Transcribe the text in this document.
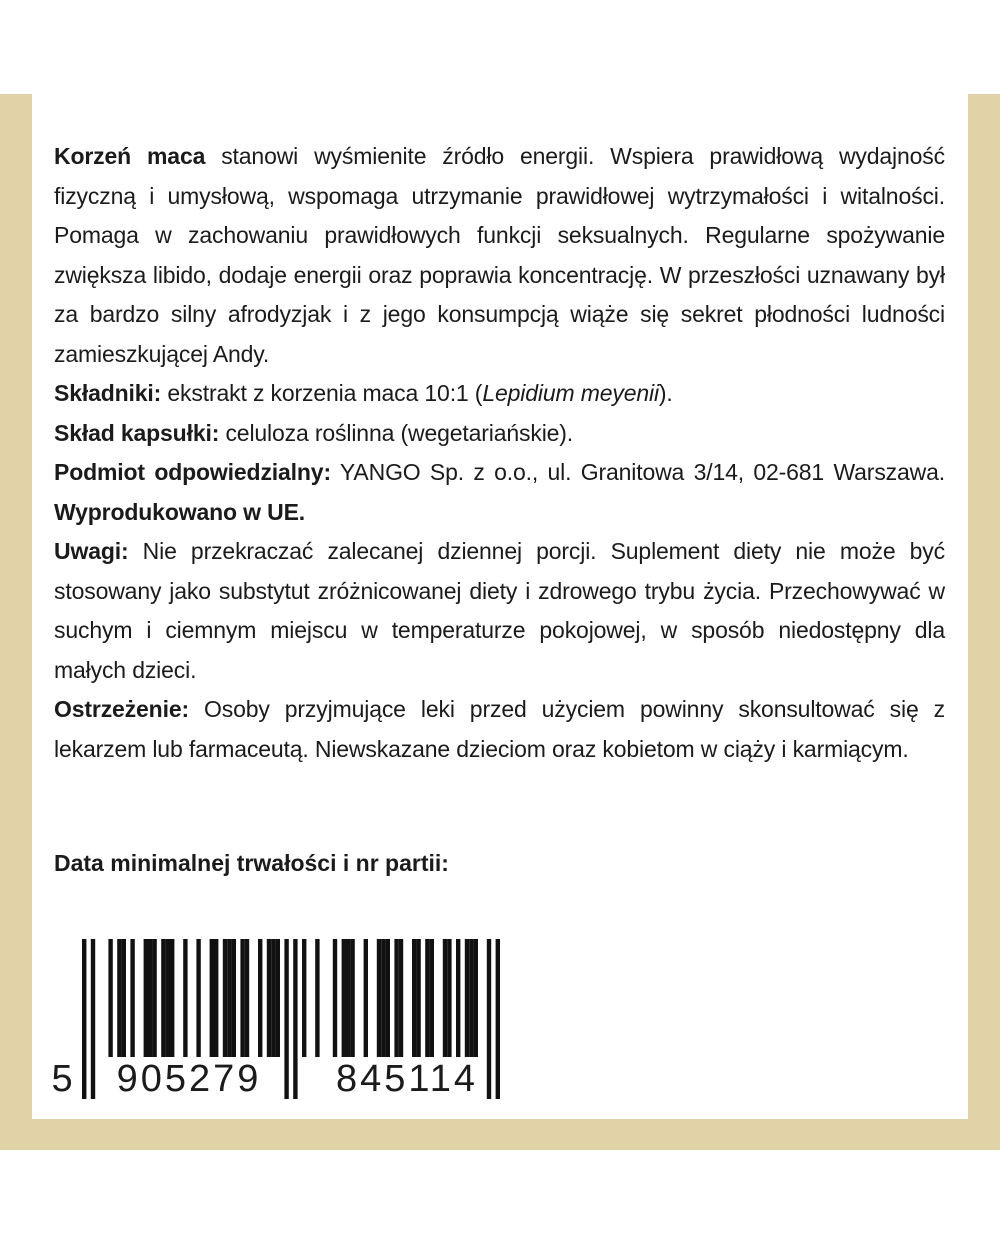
Korzeń maca stanowi wyśmienite źródło energii. Wspiera prawidłową wydajność fizyczną i umysłową, wspomaga utrzymanie prawidłowej wytrzymałości i witalności. Pomaga w zachowaniu prawidłowych funkcji seksualnych. Regularne spożywanie zwiększa libido, dodaje energii oraz poprawia koncentrację. W przeszłości uznawany był za bardzo silny afrodyzjak i z jego konsumpcją wiąże się sekret płodności ludności zamieszkującej Andy.

Składniki: ekstrakt z korzenia maca 10:1 (Lepidium meyenii).

Skład kapsułki: celuloza roślinna (wegetariańskie).

Podmiot odpowiedzialny: YANGO Sp. z o.o., ul. Granitowa 3/14, 02-681 Warszawa. Wyprodukowano w UE.

Uwagi: Nie przekraczać zalecanej dziennej porcji. Suplement diety nie może być stosowany jako substytut zróżnicowanej diety i zdrowego trybu życia. Przechowywać w suchym i ciemnym miejscu w temperaturze pokojowej, w sposób niedostępny dla małych dzieci.

Ostrzeżenie: Osoby przyjmujące leki przed użyciem powinny skonsultować się z lekarzem lub farmaceutą. Niewskazane dzieciom oraz kobietom w ciąży i karmiącym.

Data minimalnej trwałości i nr partii:
5 905279 845114
